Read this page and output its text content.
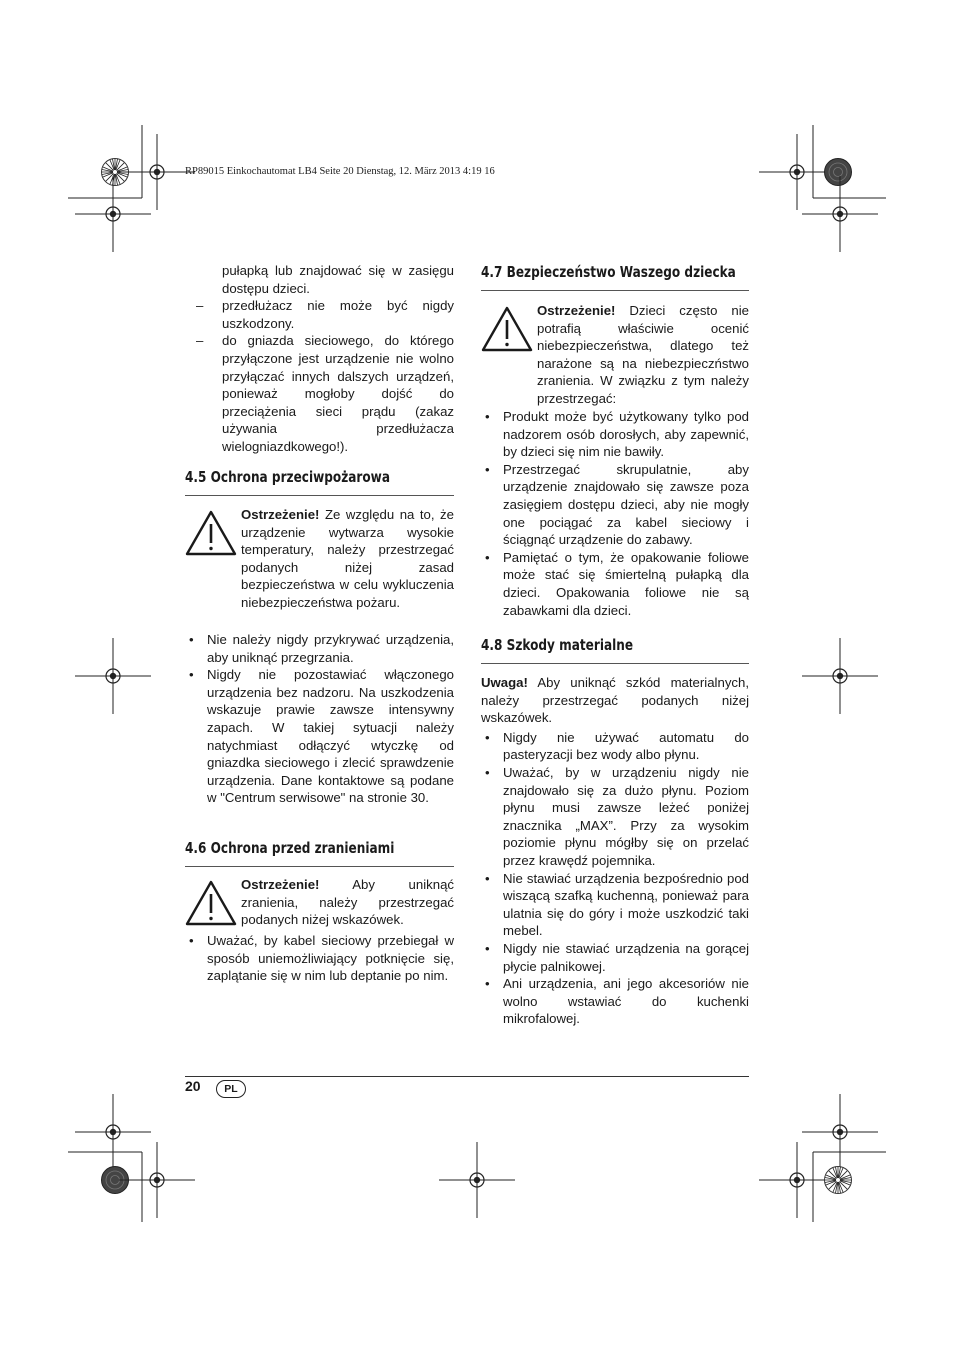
RP89015 Einkochautomat LB4 Seite 20 Dienstag, 12. März 2013 4:19 16

pułapką lub znajdować się w zasięgu dostępu dzieci.

– przedłużacz nie może być nigdy uszkodzony.
– do gniazda sieciowego, do którego przyłączone jest urządzenie nie wolno przyłączać innych dalszych urządzeń, ponieważ mogłoby dojść do przeciążenia sieci prądu (zakaz używania przedłużacza wielogniazdkowego!).
4.5 Ochrona przeciwpożarowa

Ostrzeżenie! Ze względu na to, że urządzenie wytwarza wysokie temperatury, należy przestrzegać podanych niżej zasad bezpieczeństwa w celu wykluczenia niebezpieczeństwa pożaru.

• Nie należy nigdy przykrywać urządzenia, aby uniknąć przegrzania.
• Nigdy nie pozostawiać włączonego urządzenia bez nadzoru. Na uszkodzenia wskazuje prawie zawsze intensywny zapach. W takiej sytuacji należy natychmiast odłączyć wtyczkę od gniazdka sieciowego i zlecić sprawdzenie urządzenia. Dane kontaktowe są podane w "Centrum serwisowe" na stronie 30.
4.6 Ochrona przed zranieniami

Ostrzeżenie! Aby uniknąć zranienia, należy przestrzegać podanych niżej wskazówek.

• Uważać, by kabel sieciowy przebiegał w sposób uniemożliwiający potknięcie się, zaplątanie się w nim lub deptanie po nim.
4.7 Bezpieczeństwo Waszego dziecka

Ostrzeżenie! Dzieci często nie potrafią właściwie ocenić niebezpieczeństwa, dlatego też narażone są na niebezpieczństwo zranienia. W związku z tym należy przestrzegać:

• Produkt może być użytkowany tylko pod nadzorem osób dorosłych, aby zapewnić, by dzieci się nim nie bawiły.
• Przestrzegać skrupulatnie, aby urządzenie znajdowało się zawsze poza zasięgiem dostępu dzieci, aby nie mogły one pociągać za kabel sieciowy i ściągnąć urządzenie do zabawy.
• Pamiętać o tym, że opakowanie foliowe może stać się śmiertelną pułapką dla dzieci. Opakowania foliowe nie są zabawkami dla dzieci.
4.8 Szkody materialne

Uwaga! Aby uniknąć szkód materialnych, należy przestrzegać podanych niżej wskazówek.

• Nigdy nie używać automatu do pasteryzacji bez wody albo płynu.
• Uważać, by w urządzeniu nigdy nie znajdowało się za dużo płynu. Poziom płynu musi zawsze leżeć poniżej znacznika „MAX”. Przy za wysokim poziomie płynu mógłby się on przelać przez krawędź pojemnika.
• Nie stawiać urządzenia bezpośrednio pod wiszącą szafką kuchenną, ponieważ para ulatnia się do góry i może uszkodzić taki mebel.
• Nigdy nie stawiać urządzenia na gorącej płycie palnikowej.
• Ani urządzenia, ani jego akcesoriów nie wolno wstawiać do kuchenki mikrofalowej.
20	PL
